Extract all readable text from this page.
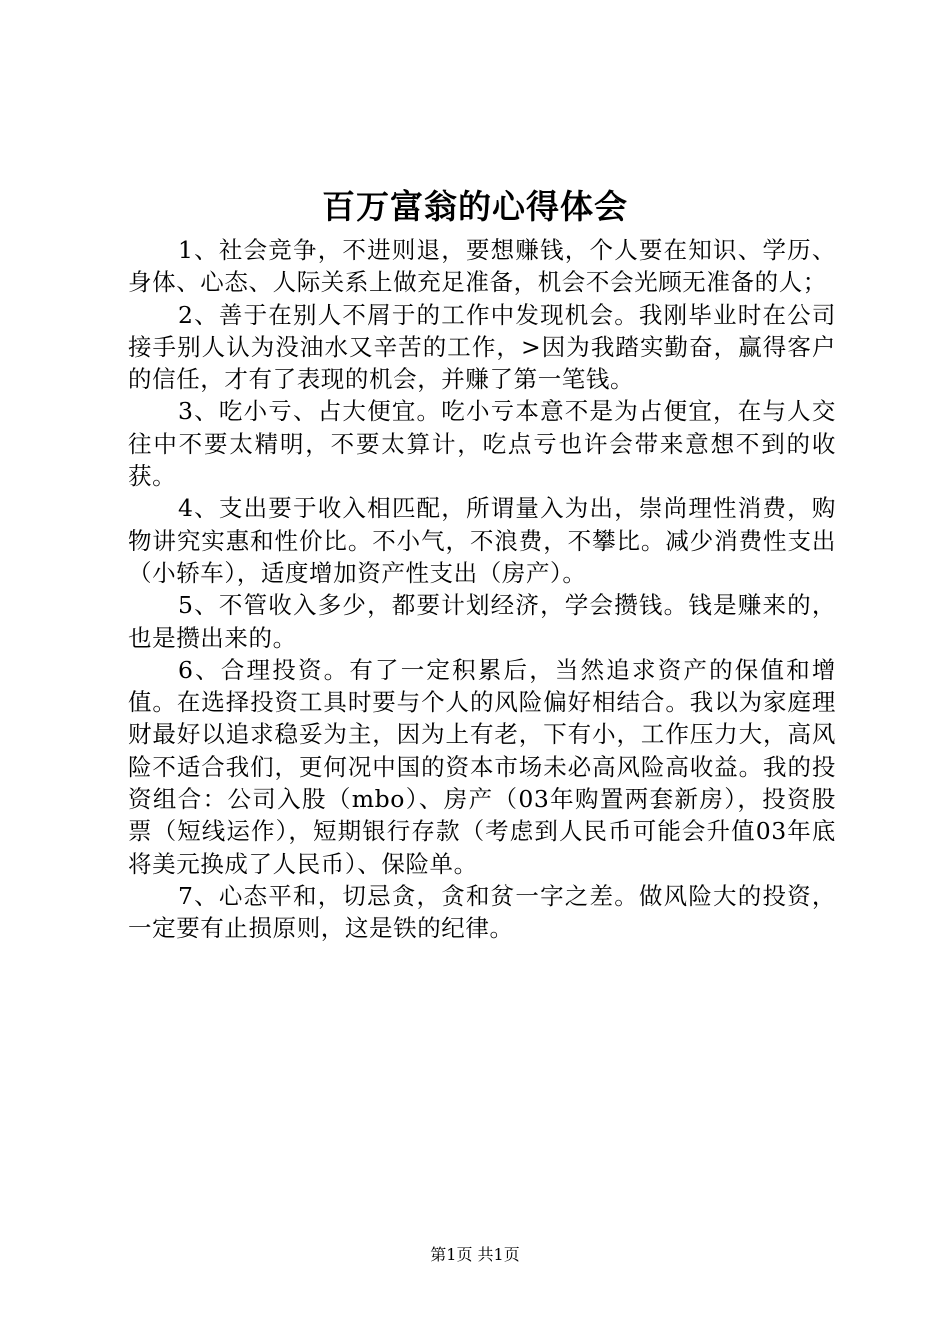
百万富翁的心得体会

1、社会竞争，不进则退，要想赚钱，个人要在知识、学历、身体、心态、人际关系上做充足准备，机会不会光顾无准备的人；

2、善于在别人不屑于的工作中发现机会。我刚毕业时在公司接手别人认为没油水又辛苦的工作，>因为我踏实勤奋，赢得客户的信任，才有了表现的机会，并赚了第一笔钱。

3、吃小亏、占大便宜。吃小亏本意不是为占便宜，在与人交往中不要太精明，不要太算计，吃点亏也许会带来意想不到的收获。

4、支出要于收入相匹配，所谓量入为出，崇尚理性消费，购物讲究实惠和性价比。不小气，不浪费，不攀比。减少消费性支出（小轿车），适度增加资产性支出（房产）。

5、不管收入多少，都要计划经济，学会攒钱。钱是赚来的，也是攒出来的。

6、合理投资。有了一定积累后，当然追求资产的保值和增值。在选择投资工具时要与个人的风险偏好相结合。我以为家庭理财最好以追求稳妥为主，因为上有老，下有小，工作压力大，高风险不适合我们，更何况中国的资本市场未必高风险高收益。我的投资组合：公司入股（mbo）、房产（03年购置两套新房），投资股票（短线运作），短期银行存款（考虑到人民币可能会升值03年底将美元换成了人民币）、保险单。

7、心态平和，切忌贪，贪和贫一字之差。做风险大的投资，一定要有止损原则，这是铁的纪律。

第1页 共1页
